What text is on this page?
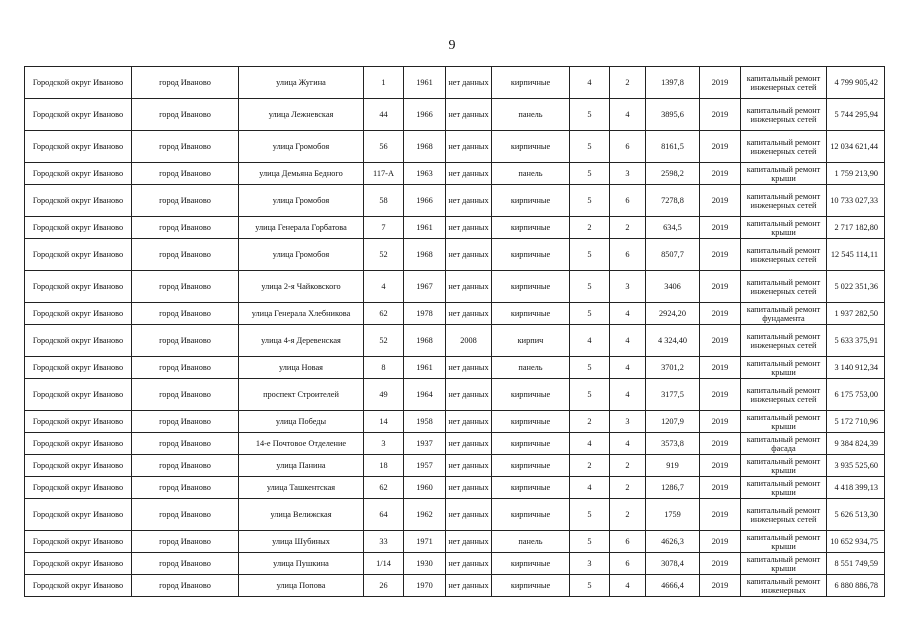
9
Городской округ Иваново	город Иваново	улица Жугина	1	1961	нет данных	кирпичные	4	2	1397,8	2019	капитальный ремонт инженерных сетей	4 799 905,42
Городской округ Иваново	город Иваново	улица Лежневская	44	1966	нет данных	панель	5	4	3895,6	2019	капитальный ремонт инженерных сетей	5 744 295,94
Городской округ Иваново	город Иваново	улица Громобоя	56	1968	нет данных	кирпичные	5	6	8161,5	2019	капитальный ремонт инженерных сетей	12 034 621,44
Городской округ Иваново	город Иваново	улица Демьяна Бедного	117-А	1963	нет данных	панель	5	3	2598,2	2019	капитальный ремонт крыши	1 759 213,90
Городской округ Иваново	город Иваново	улица Громобоя	58	1966	нет данных	кирпичные	5	6	7278,8	2019	капитальный ремонт инженерных сетей	10 733 027,33
Городской округ Иваново	город Иваново	улица Генерала Горбатова	7	1961	нет данных	кирпичные	2	2	634,5	2019	капитальный ремонт крыши	2 717 182,80
Городской округ Иваново	город Иваново	улица Громобоя	52	1968	нет данных	кирпичные	5	6	8507,7	2019	капитальный ремонт инженерных сетей	12 545 114,11
Городской округ Иваново	город Иваново	улица 2-я Чайковского	4	1967	нет данных	кирпичные	5	3	3406	2019	капитальный ремонт инженерных сетей	5 022 351,36
Городской округ Иваново	город Иваново	улица Генерала Хлебникова	62	1978	нет данных	кирпичные	5	4	2924,20	2019	капитальный ремонт фундамента	1 937 282,50
Городской округ Иваново	город Иваново	улица 4-я Деревенская	52	1968	2008	кирпич	4	4	4 324,40	2019	капитальный ремонт инженерных сетей	5 633 375,91
Городской округ Иваново	город Иваново	улица Новая	8	1961	нет данных	панель	5	4	3701,2	2019	капитальный ремонт крыши	3 140 912,34
Городской округ Иваново	город Иваново	проспект Строителей	49	1964	нет данных	кирпичные	5	4	3177,5	2019	капитальный ремонт инженерных сетей	6 175 753,00
Городской округ Иваново	город Иваново	улица Победы	14	1958	нет данных	кирпичные	2	3	1207,9	2019	капитальный ремонт крыши	5 172 710,96
Городской округ Иваново	город Иваново	14-е Почтовое Отделение	3	1937	нет данных	кирпичные	4	4	3573,8	2019	капитальный ремонт фасада	9 384 824,39
Городской округ Иваново	город Иваново	улица Панина	18	1957	нет данных	кирпичные	2	2	919	2019	капитальный ремонт крыши	3 935 525,60
Городской округ Иваново	город Иваново	улица Ташкентская	62	1960	нет данных	кирпичные	4	2	1286,7	2019	капитальный ремонт крыши	4 418 399,13
Городской округ Иваново	город Иваново	улица Велижская	64	1962	нет данных	кирпичные	5	2	1759	2019	капитальный ремонт инженерных сетей	5 626 513,30
Городской округ Иваново	город Иваново	улица Шубиных	33	1971	нет данных	панель	5	6	4626,3	2019	капитальный ремонт крыши	10 652 934,75
Городской округ Иваново	город Иваново	улица Пушкина	1/14	1930	нет данных	кирпичные	3	6	3078,4	2019	капитальный ремонт крыши	8 551 749,59
Городской округ Иваново	город Иваново	улица Попова	26	1970	нет данных	кирпичные	5	4	4666,4	2019	капитальный ремонт инженерных	6 880 886,78
